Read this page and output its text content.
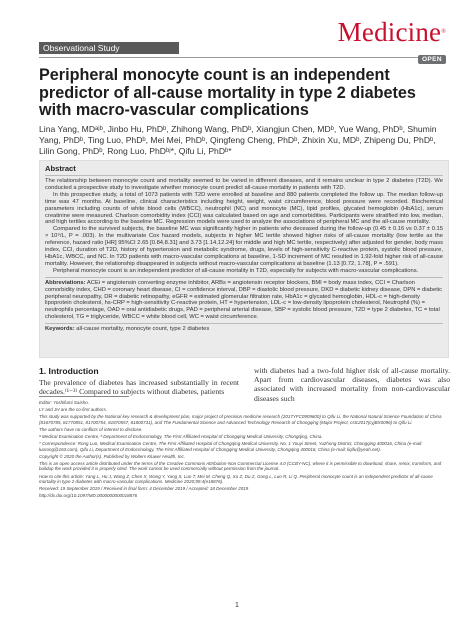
Observational Study
Medicine®
OPEN
Peripheral monocyte count is an independent predictor of all-cause mortality in type 2 diabetes with macro-vascular complications
Lina Yang, MDᵃʲᵇ, Jinbo Hu, PhDᵇ, Zhihong Wang, PhDᵇ, Xiangjun Chen, MDᵇ, Yue Wang, PhDᵇ, Shumin Yang, PhDᵇ, Ting Luo, PhDᵇ, Mei Mei, PhDᵇ, Qingfeng Cheng, PhDᵇ, Zhixin Xu, MDᵇ, Zhipeng Du, PhDᵇ, Lilin Gong, PhDᵇ, Rong Luo, PhDᵇʲ*, Qifu Li, PhDᵇ*
Abstract

The relationship between monocyte count and mortality seemed to be varied in different diseases, and it remains unclear in type 2 diabetes (T2D). We conducted a prospective study to investigate whether monocyte count predict all-cause mortality in patients with T2D.

In this prospective study, a total of 1073 patients with T2D were enrolled at baseline and 880 patients completed the follow up. The median follow-up time was 47 months. At baseline, clinical characteristics including height, weight, waist circumference, blood pressure were recorded. Biochemical parameters including counts of white blood cells (WBCC), neutrophil (NC) and monocyte (MC), lipid profiles, glycated hemoglobin (HbA1c), serum creatinine were measured. Charlson comorbidity index (CCI) was calculated based on age and comorbidities. Participants were stratified into low, median, and high tertiles according to the baseline MC. Regression models were used to analyze the associations of peripheral MC and the all-cause mortality.

Compared to the survived subjects, the baseline MC was significantly higher in patients who deceased during the follow-up (0.45 ± 0.16 vs 0.37 ± 0.15 × 10⁹/L, P = .003). In the multivariate Cox hazard models, subjects in higher MC tertile showed higher risks of all-cause mortality (low tertile as the reference, hazard ratio [HR] 95%CI 2.65 [0.84,8.31] and 3.73 [1.14,12.24] for middle and high MC tertile, respectively) after adjusted for gender, body mass index, CCI, duration of T2D, history of hypertension and metabolic syndrome, drugs, levels of high-sensitivity C-reactive protein, systolic blood pressure, HbA1c, WBCC, and NC. In T2D patients with macro-vascular complications at baseline, 1-SD increment of MC resulted in 1.92-fold higher risk of all-cause mortality. However, the relationship disappeared in subjects without macro-vascular complications at baseline (1.13 [0.72, 1.78], P = .591).

Peripheral monocyte count is an independent predictor of all-cause mortality in T2D, especially for subjects with macro-vascular complications.

Abbreviations: ACEi = angiotensin converting enzyme inhibitor, ARBs = angiotensin receptor blockers, BMI = body mass index, CCI = Charlson comorbidity index, CHD = coronary heart disease, CI = confidence interval, DBP = diastolic blood pressure, DKD = diabetic kidney disease, DPN = diabetic peripheral neuropathy, DR = diabetic retinopathy, eGFR = estimated glomerular filtration rate, HbA1c = glycated hemoglobin, HDL-c = high-density lipoprotein cholesterol, hs-CRP = high-sensitivity C-reactive protein, HT = hypertension, LDL-c = low-density lipoprotein cholesterol, Neutrophil (%) = neutrophils percentage, OAD = oral antidiabetic drugs, PAD = peripheral arterial disease, SBP = systolic blood pressure, T2D = type 2 diabetes, TC = total cholesterol, TG = triglyceride, WBCC = white blood cell, WC = waist circumference.

Keywords: all-cause mortality, monocyte count, type 2 diabetes

1. Introduction

The prevalence of diabetes has increased substantially in recent decades.⁽¹⁻³⁾ Compared to subjects without diabetes, patients

with diabetes had a two-fold higher risk of all-cause mortality. Apart from cardiovascular diseases, diabetes was also associated with increased mortality from non-cardiovascular diseases such

Editor: Yoshifumi Saisho.

LY and JH are the co-first authors.

This study was supported by the National key research & development plan, major project of precision medicine research (2017YFC0909600) to Qifu Li, the National Natural Science Foundation of China (81670785, 81770851, 81700754, 81870557, 81800731), and The Fundamental Science and Advanced Technology Research of Chongqing (Major Project, cstc2017jcyjBX0096) to Qifu Li.

The authors have no conflicts of interest to disclose.

ᵃ Medical Examination Centre, ᵇ Department of Endocrinology, The First Affiliated Hospital of Chongqing Medical University, Chongqing, China.

* Correspondence: Rong Luo, Medical Examination Centre, The First Affiliated Hospital of Chongqing Medical University, No. 1 Youyi Street, Yuzhong District, Chongqing 400016, China (e-mail: luorong@163.com), Qifu Li, Department of Endocrinology, The First Affiliated Hospital of Chongqing Medical University, Chongqing 400016, China (e-mail: liqifu@yeah.net).

Copyright © 2020 the Author(s). Published by Wolters Kluwer Health, Inc.

This is an open access article distributed under the terms of the Creative Commons Attribution-Non Commercial License 4.0 (CCBY-NC), where it is permissible to download, share, remix, transform, and buildup the work provided it is properly cited. The work cannot be used commercially without permission from the journal.

How to cite this article: Yang L, Hu J, Wang Z, Chen X, Wang Y, Yang S, Luo T, Mei M, Cheng Q, Xu Z, Du Z, Gong L, Luo R, Li Q. Peripheral monocyte count is an independent predictor of all-cause mortality in type 2 diabetes with macro-vascular complications. Medicine 2020;99:4(e18876).

Received: 19 September 2019 / Received in final form: 4 December 2019 / Accepted: 18 December 2019

http://dx.doi.org/10.1097/MD.0000000000018876

1
